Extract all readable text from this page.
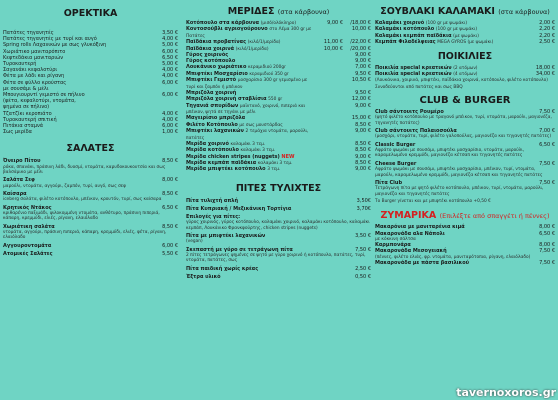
ΟΡΕΚΤΙΚΑ
Πατάτες τηγανητές	3,50 €
Πατάτες τηγανητές με τυρί και αυγό	4,00 €
Spring rolls Λαχανικών με σως γλυκόξινη	5,00 €
Χωριάτικο μανιταρόπιτο	6,00 €
Κεφτεδάκια μανιταριών	6,50 €
Τυροκαυτερή	5,00 €
Σαγανάκι κεφαλοτύρι	4,00 €
Φέτα με λάδι και ρίγανη	4,00 €
Φέτα σε φύλλο κρούστας	6,00 €
με σουσάμι & μέλι
Μπουγιουρντί γεμιστό σε πήλινο	6,00 €
(φέτα, κεφαλοτύρι, ντομάτα,
ψημένα σε πήλινο)
Τζατζίκι κεροπιάτο	4,00 €
Τυροκαυτερή σπιτική	4,00 €
Πιτάκια σταμνά	6,00 €
Σως μερίδα	1,00 €
ΣΑΛΑΤΕΣ
Όνειρο Πίτου	8,50 €
ρόκα, σπανάκι, πράσινη λάδι, δυοσμί, ντομάτα, καρυδοκουκουτσία και σως βαλσάμικο με μέλι
Σαλάτα Σεφ	8,00 €
μαρούλι, ντομάτα, αγγούρι, ζαμπόν, τυρί, αυγό, σως σεφ
Καίσαρα	8,50 €
iceberg σαλάτα, φιλέτο κοτόπουλο, μπέικον, κρουτόν, τυρί, σως καίσαρα
Κρητικός Ντάκος	6,50 €
κριθαρένιο παξιμάδι, ψιλοκομμένη ντομάτα, ανθότυρο, πράσινη πιπεριά, κάπαρη, κρεμμύδι, ελιές, ρίγανη, ελαιόλαδο
Χωριάτικη σαλάτα	8,50 €
ντομάτα, αγγούρι, πράσινη πιπεριά, κάπαρη, κρεμμύδι, ελιές, φέτα, ρίγανη, ελαιόλαδο
Αγγουροντομάτα	6,00 €
Ατομικές Σαλάτες	5,50 €
ΜΕΡΙΔΕΣ (στα κάρβουνα)
Κοτόπουλο στα κάρβουνα (μισό/ολόκληρο)	9,00 € /18,00 €
Κοντοσούβλι αγριογούρουνο στο Λέμα 300 gr με Πατάτες
10,00 €
Παϊδάκια προβατίνας (κιλό/1/μερίδα)	11,00 € /22,00 €
Παϊδάκια χοιρινά (κιλό/1/μερίδα)	10,00 € /20,00 €
Γύρος χοιρινός	9,00 €
Γύρος κοτόπουλο	9,00 €
Λουκάνικο χωριάτικο κεραμιδιού 200gr	7,00 €
Μπιφτέκι Μοσχαρίσιο κεραμιδιού 350 gr	9,50 €
Μπιφτέκι Γεμιστό μοσχαρίσιο 300 gr γεμισμένο με τυρί και ζαμπόν ή μπέικον
10,50 €
Μπριζόλα χοιρινή	9,50 €
Μπριζόλα χοιρινή σταβλίσια 550 gr	12,00 €
Τηγανιά σπυρίδων μαϊντανό, χοιρινό, πιπεριά και μπέικον, ψητά σε τηγάνι με μέλι
9,00 €
Μαγειρίσιο μπριζόλα	15,00 €
Φιλέτο Κοτόπουλο με σως μουστάρδας	8,50 €
Μπιφτέκι λαχανικών 2 τεμάχια ντομάτα, μαρούλι, πατάτες
9,00 €
Μερίδα χοιρινό καλαμάκι 3 τεμ.	8,50 €
Μερίδα κοτόπουλο καλαμάκι 3 τεμ.	8,50 €
Μερίδα chicken stripes (nuggets) NEW	9,00 €
Μερίδα κεμπάπ παϊδάκια καλαμάκι 3 τεμ.	8,50 €
Μερίδα μπιφτέκι κοτόπουλο 3 τεμ.	9,00 €
ΠΙΤΕΣ ΤΥΛΙΧΤΕΣ
Πίτα τυλιχτή απλή	3,50€
Πίτα Κυπριακή / Μεξικάνικη Τορτίγια	3,70€
Επιλογές για πίτες:
γύρος χοιρινός, γύρος κοτόπουλο, καλαμάκι χοιρινό, καλαμάκι κοτόπουλο, καλαμάκι κεμπάπ, Λουκάνικο Φρανκφούρτης, chicken stripes (nuggets)
Πίτα με μπιφτέκι λαχανικών	3,50 €
(vegan)
Σκεπαστή με γύρο σε τετράγωνη πίτα	7,50 €
2 πίτες τετράγωνες ψημένες σε ψητό με γύρο χοιρινό ή κοτόπουλο, πατάτες, τυρί, ντομάτα, πατάτες, σως
Πίτα παιδική χωρίς κρέας	2,50 €
Έξτρα υλικό	0,50 €
ΣΟΥΒΛΑΚΙ ΚΑΛΑΜΑΚΙ (στα κάρβουνα)
Καλαμάκι χοιρινό (100 gr με ψωμάκι)	2,00 €
Καλαμάκι κοτόπουλο (100 gr με ψωμάκι)	2,20 €
Καλαμάκι κεμπάπ παϊδάκια (με ψωμάκι)	2,20 €
Κεμπάπ Φιλαδέλφειας MEGA GYROS (με ψωμάκι)	2,50 €
ΠΟΙΚΙΛΙΕΣ
Ποικιλία special κρεατικών (2 ατόμων)	18,00 €
Ποικιλία special κρεατικών (4 ατόμων)	34,00 €
(Λουκάνικα, χοιρινά, μπιφτέκι, παϊδάκια χοιρινά, κοτόπουλο, φιλέτο κοτόπουλο) Συνοδεύονται από πατάτες και σως BBQ
CLUB & BURGER
Club σάντουιτς Ρουμέρο	7,50 €
(ψητό φιλέτο κοτόπουλο με τραγανό μπέικον, τυρί, ντομάτα, μαρούλι, μαγιονέζα, τηγανητές πατάτες)
Club σάντουιτς Παλαιοσούλα	7,00 €
(μοσχάρι, ντομάτα, τυρί, φιλέτο γαλοπούλας, μαγιονέζα και τηγανητές πατάτες)
Classic Burger	6,50 €
Αφράτο ψωμάκι με σουσάμι, μπιφτέκι μοσχαρίσιο, ντομάτα, μαρούλι, καραμελωμένο κρεμμύδι, μαγιονέζα κέτσαπ και τηγανητές πατάτες
Cheese Burger	7,50 €
Αφράτο ψωμάκι με σουσάμι, μπιφτέκι μοσχαρίσιο, μπέικον, τυρί, ντομάτα, μαρούλι, καραμελωμένο κρεμμύδι, μαγιονέζα κέτσαπ και τηγανητές πατάτες
Πίτα Club	7,50 €
Τετράγωνη πίτα με ψητό φιλέτο κοτόπουλο, μπέικον, τυρί, ντομάτα, μαρούλι, μαγιονέζα και τηγανητές πατάτες
Το Burger γίνεται και με μπιφτέκι κοτόπουλο +0,50 €
ΖΥΜΑΡΙΚΑ (Επιλέξτε από σπαγγέτι ή πέννες)
Μακαρόνια με μανιταρένια κιμά	8,00 €
Μακαρονάδα αλα Νάπολι	6,50 €
με κόκκινη σάλτσα
Καρμπονάρα	8,00 €
Μακαρονάδα Μεσογειακή	7,50 €
(πέννες, φιλέτο ελιάς, φρ. ντομάτα, μανιταρότοπια, ρίγανη, ελαιόλαδο)
Μακαρονάδα με πάστα βασιλικού	7,50 €
tavernoxoros.gr
